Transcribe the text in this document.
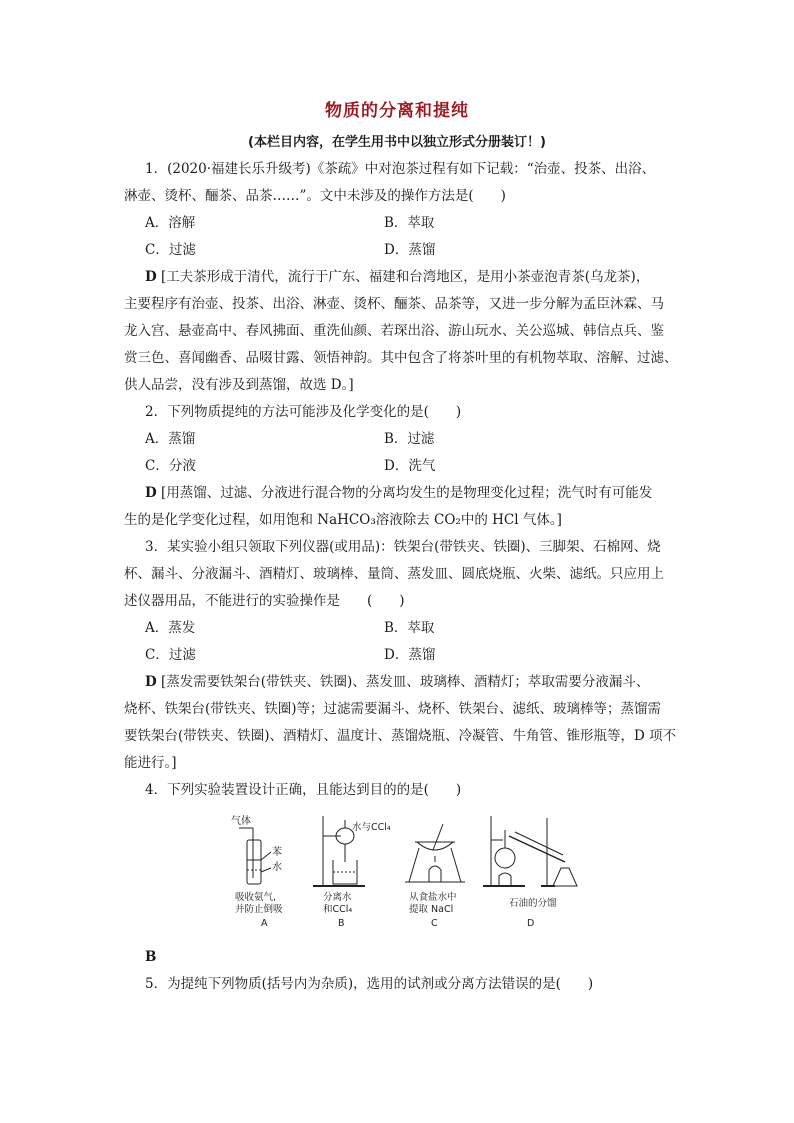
物质的分离和提纯
(本栏目内容，在学生用书中以独立形式分册装订！)
1．(2020·福建长乐升级考)《茶疏》中对泡茶过程有如下记载：“治壶、投茶、出浴、
淋壶、烫杯、酾茶、品茶……”。文中未涉及的操作方法是(　　)
A．溶解	B．萃取
C．过滤	D．蒸馏
D [工夫茶形成于清代，流行于广东、福建和台湾地区，是用小茶壶泡青茶(乌龙茶)，
主要程序有治壶、投茶、出浴、淋壶、烫杯、酾茶、品茶等，又进一步分解为孟臣沐霖、马
龙入宫、悬壶高中、春风拂面、重洗仙颜、若琛出浴、游山玩水、关公巡城、韩信点兵、鉴
赏三色、喜闻幽香、品啜甘露、领悟神韵。其中包含了将茶叶里的有机物萃取、溶解、过滤、
供人品尝，没有涉及到蒸馏，故选 D。]
2．下列物质提纯的方法可能涉及化学变化的是(　　)
A．蒸馏	B．过滤
C．分液	D．洗气
D [用蒸馏、过滤、分液进行混合物的分离均发生的是物理变化过程；洗气时有可能发
生的是化学变化过程，如用饱和 NaHCO₃溶液除去 CO₂中的 HCl 气体。]
3．某实验小组只领取下列仪器(或用品)：铁架台(带铁夹、铁圈)、三脚架、石棉网、烧
杯、漏斗、分液漏斗、酒精灯、玻璃棒、量筒、蒸发皿、圆底烧瓶、火柴、滤纸。只应用上
述仪器用品，不能进行的实验操作是　　(　　)
A．蒸发	B．萃取
C．过滤	D．蒸馏
D [蒸发需要铁架台(带铁夹、铁圈)、蒸发皿、玻璃棒、酒精灯；萃取需要分液漏斗、
烧杯、铁架台(带铁夹、铁圈)等；过滤需要漏斗、烧杯、铁架台、滤纸、玻璃棒等；蒸馏需
要铁架台(带铁夹、铁圈)、酒精灯、温度计、蒸馏烧瓶、冷凝管、牛角管、锥形瓶等，D 项不
能进行。]
4．下列实验装置设计正确，且能达到目的的是(　　)
气体
苯
水
吸收氨气,
并防止倒吸
A
水与CCl₄
分离水
和CCl₄
B
从食盐水中
提取 NaCl
C
石油的分馏
D
B
5．为提纯下列物质(括号内为杂质)，选用的试剂或分离方法错误的是(　　)
